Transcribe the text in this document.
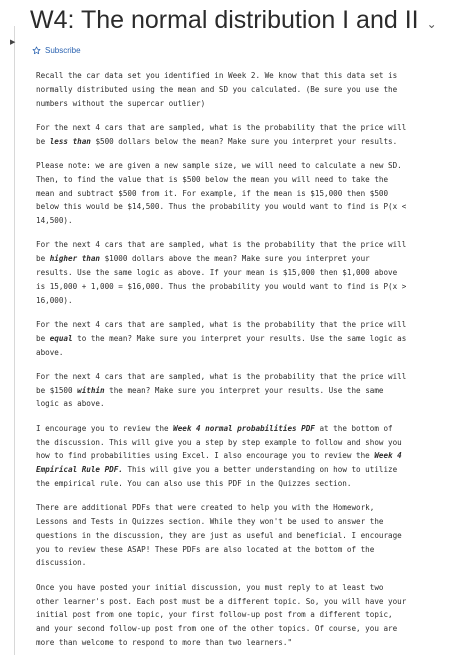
▶
W4: The normal distribution I and II ⌄
Subscribe

Recall the car data set you identified in Week 2. We know that this data set is normally distributed using the mean and SD you calculated. (Be sure you use the numbers without the supercar outlier)

For the next 4 cars that are sampled, what is the probability that the price will be less than $500 dollars below the mean? Make sure you interpret your results.

Please note: we are given a new sample size, we will need to calculate a new SD. Then, to find the value that is $500 below the mean you will need to take the mean and subtract $500 from it. For example, if the mean is $15,000 then $500 below this would be $14,500. Thus the probability you would want to find is P(x < 14,500).

For the next 4 cars that are sampled, what is the probability that the price will be higher than $1000 dollars above the mean? Make sure you interpret your results. Use the same logic as above. If your mean is $15,000 then $1,000 above is 15,000 + 1,000 = $16,000. Thus the probability you would want to find is P(x > 16,000).

For the next 4 cars that are sampled, what is the probability that the price will be equal to the mean? Make sure you interpret your results. Use the same logic as above.

For the next 4 cars that are sampled, what is the probability that the price will be $1500 within the mean? Make sure you interpret your results. Use the same logic as above.

I encourage you to review the Week 4 normal probabilities PDF at the bottom of the discussion. This will give you a step by step example to follow and show you how to find probabilities using Excel. I also encourage you to review the Week 4 Empirical Rule PDF. This will give you a better understanding on how to utilize the empirical rule. You can also use this PDF in the Quizzes section.

There are additional PDFs that were created to help you with the Homework, Lessons and Tests in Quizzes section. While they won't be used to answer the questions in the discussion, they are just as useful and beneficial. I encourage you to review these ASAP! These PDFs are also located at the bottom of the discussion.

Once you have posted your initial discussion, you must reply to at least two other learner's post. Each post must be a different topic. So, you will have your initial post from one topic, your first follow-up post from a different topic, and your second follow-up post from one of the other topics. Of course, you are more than welcome to respond to more than two learners."
